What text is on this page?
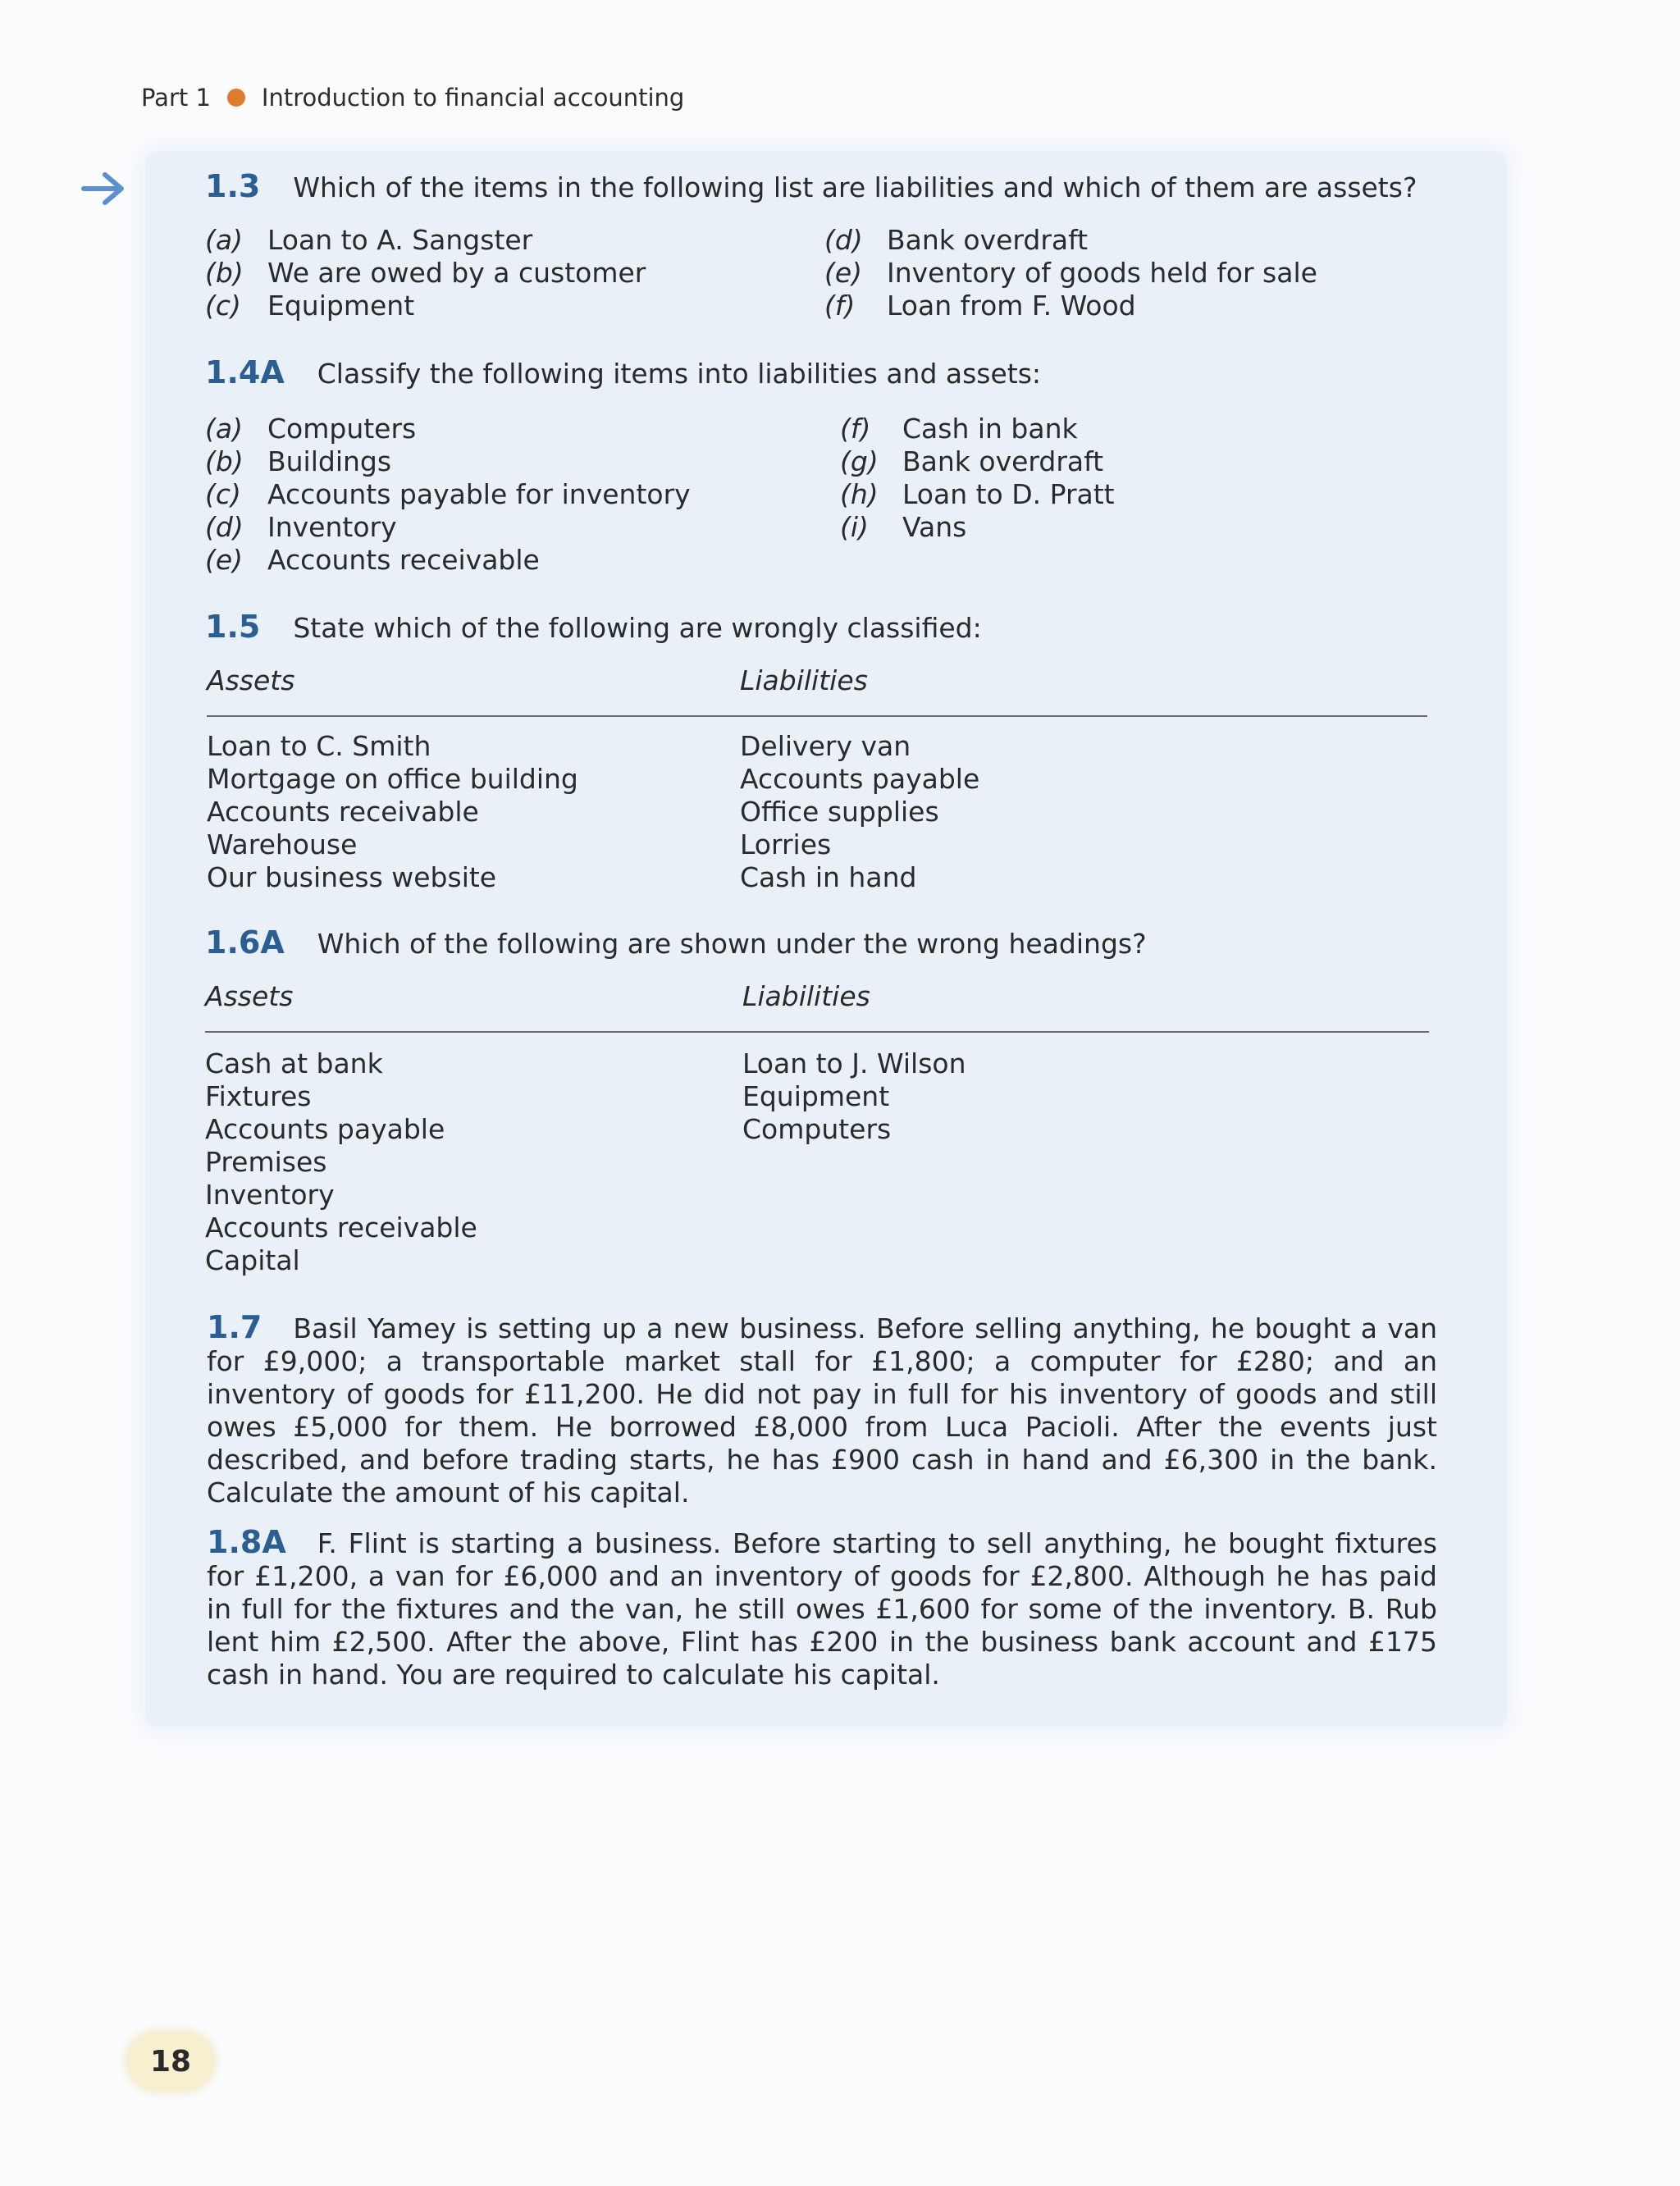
Part 1 Introduction to financial accounting
1.3 Which of the items in the following list are liabilities and which of them are assets?
(a) Loan to A. Sangster
(b) We are owed by a customer
(c) Equipment
(d) Bank overdraft
(e) Inventory of goods held for sale
(f) Loan from F. Wood
1.4A Classify the following items into liabilities and assets:
(a) Computers
(b) Buildings
(c) Accounts payable for inventory
(d) Inventory
(e) Accounts receivable
(f) Cash in bank
(g) Bank overdraft
(h) Loan to D. Pratt
(i) Vans
1.5 State which of the following are wrongly classified:
Assets	Liabilities
Loan to C. Smith
Mortgage on office building
Accounts receivable
Warehouse
Our business website
Delivery van
Accounts payable
Office supplies
Lorries
Cash in hand
1.6A Which of the following are shown under the wrong headings?
Assets	Liabilities
Cash at bank
Fixtures
Accounts payable
Premises
Inventory
Accounts receivable
Capital
Loan to J. Wilson
Equipment
Computers
1.7 Basil Yamey is setting up a new business. Before selling anything, he bought a van for £9,000; a transportable market stall for £1,800; a computer for £280; and an inventory of goods for £11,200. He did not pay in full for his inventory of goods and still owes £5,000 for them. He borrowed £8,000 from Luca Pacioli. After the events just described, and before trading starts, he has £900 cash in hand and £6,300 in the bank. Calculate the amount of his capital.
1.8A F. Flint is starting a business. Before starting to sell anything, he bought fixtures for £1,200, a van for £6,000 and an inventory of goods for £2,800. Although he has paid in full for the fixtures and the van, he still owes £1,600 for some of the inventory. B. Rub lent him £2,500. After the above, Flint has £200 in the business bank account and £175 cash in hand. You are required to calculate his capital.
18
